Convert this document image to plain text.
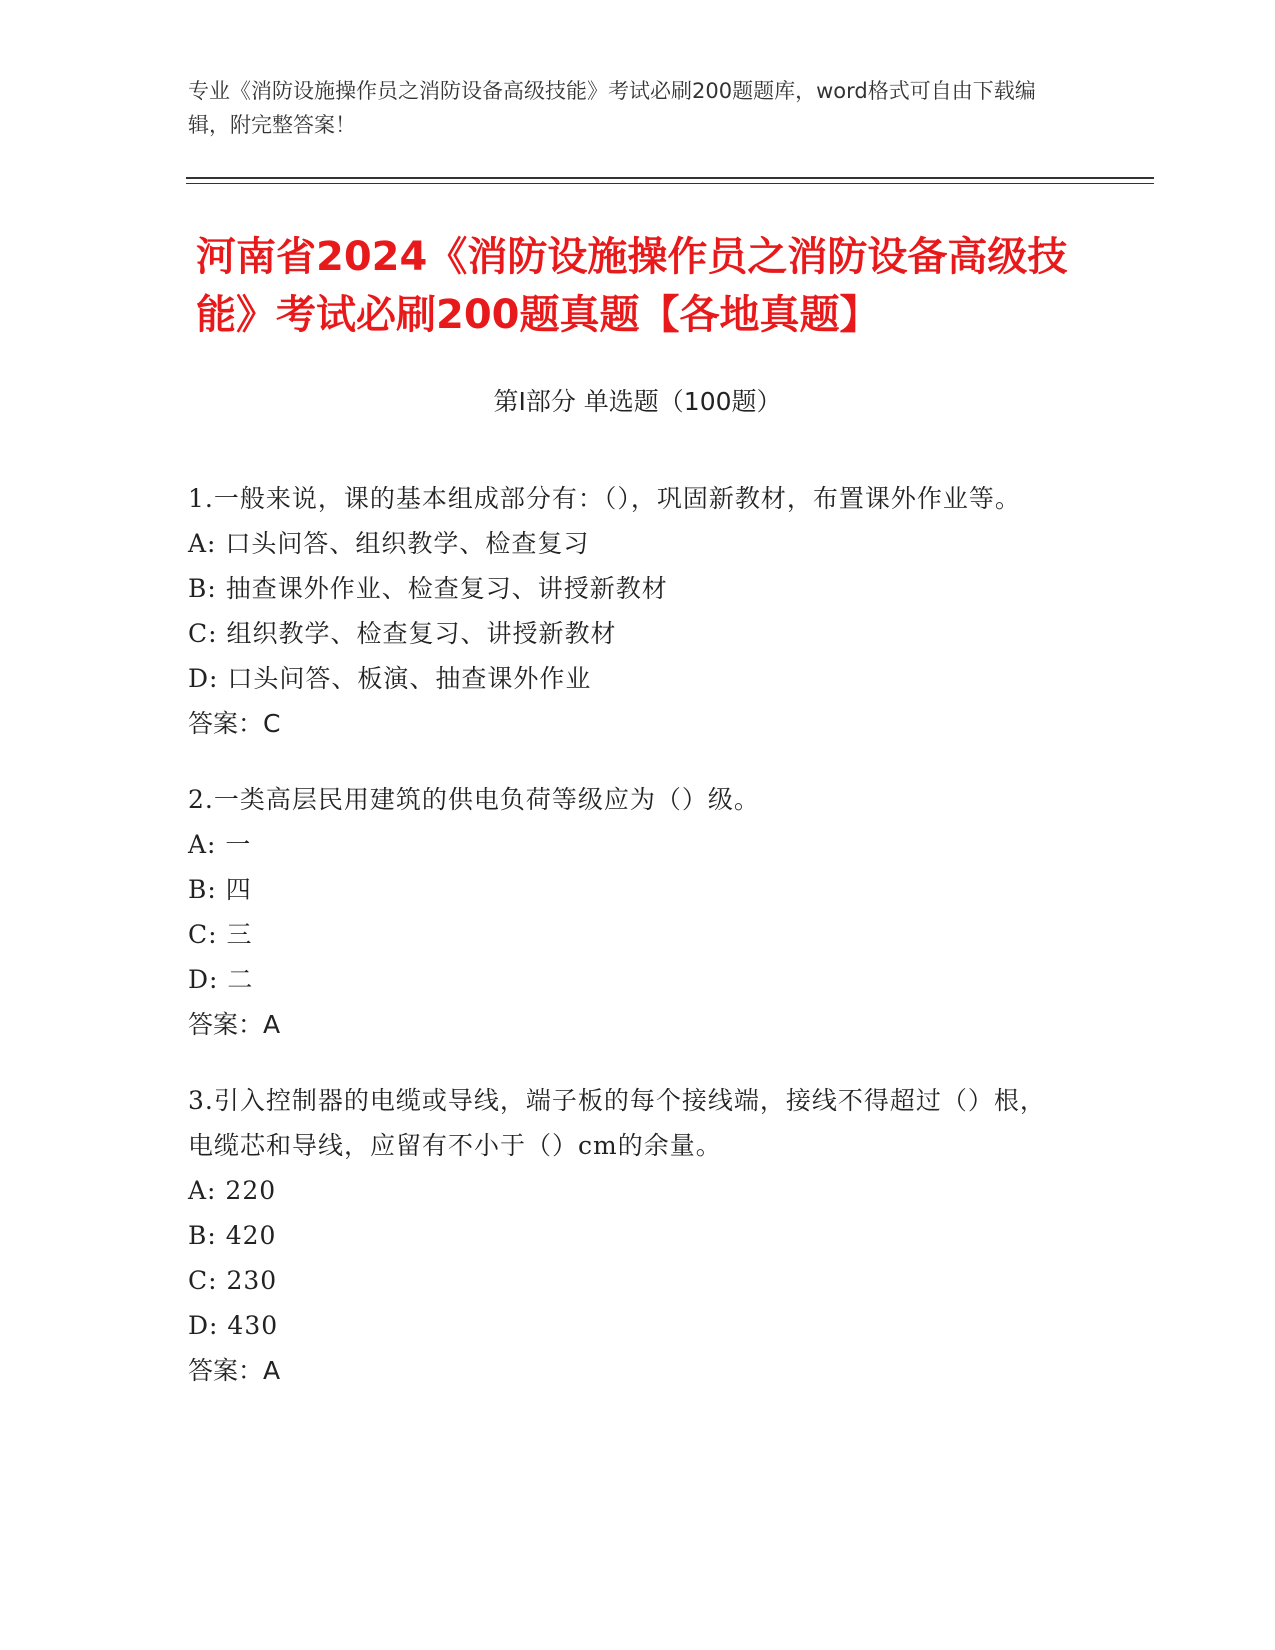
专业《消防设施操作员之消防设备高级技能》考试必刷200题题库，word格式可自由下载编辑，附完整答案！
河南省2024《消防设施操作员之消防设备高级技能》考试必刷200题真题【各地真题】
第I部分 单选题（100题）
1.一般来说，课的基本组成部分有：（），巩固新教材，布置课外作业等。
A: 口头问答、组织教学、检查复习
B: 抽查课外作业、检查复习、讲授新教材
C: 组织教学、检查复习、讲授新教材
D: 口头问答、板演、抽查课外作业
答案：C
2.一类高层民用建筑的供电负荷等级应为（）级。
A: 一
B: 四
C: 三
D: 二
答案：A
3.引入控制器的电缆或导线，端子板的每个接线端，接线不得超过（）根，电缆芯和导线，应留有不小于（）cm的余量。
A: 220
B: 420
C: 230
D: 430
答案：A
